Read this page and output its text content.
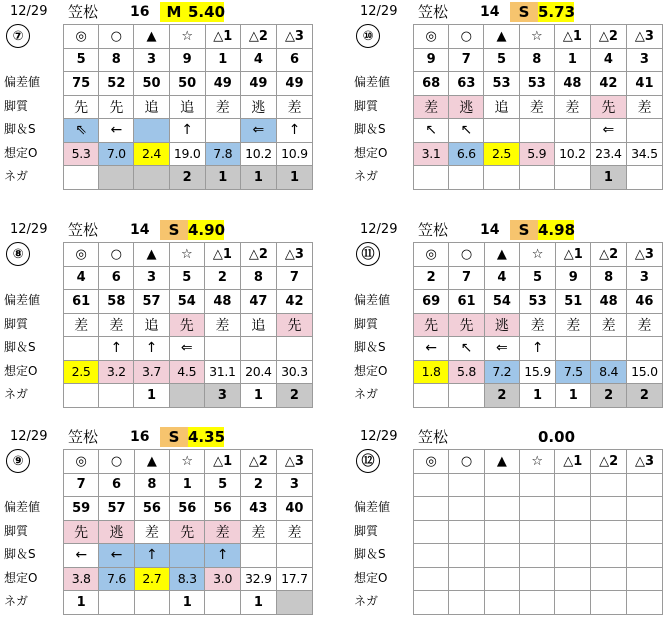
12/29 笠松 16	M 5.40
⑦
偏差値
脚質
脚＆S
想定O
ネガ
◎	○	▲	☆	△1	△2	△3
5	8	3	9	1	4	6
75	52	50	50	49	49	49
先	先	追	追	差	逃	差
⇖	←		↑		⇐	↑
5.3	7.0	2.4	19.0	7.8	10.2	10.9
			2	1	1	1
12/29 笠松 14	S 5.73
⑩
偏差値
脚質
脚＆S
想定O
ネガ
◎	○	▲	☆	△1	△2	△3
9	7	5	8	1	4	3
68	63	53	53	48	42	41
差	逃	追	差	差	先	差
↖	↖				⇐	
3.1	6.6	2.5	5.9	10.2	23.4	34.5
					1	
12/29 笠松 14	S 4.90
⑧
偏差値
脚質
脚＆S
想定O
ネガ
◎	○	▲	☆	△1	△2	△3
4	6	3	5	2	8	7
61	58	57	54	48	47	42
差	差	追	先	差	追	先
	↑	↑	⇐			
2.5	3.2	3.7	4.5	31.1	20.4	30.3
		1		3	1	2
12/29 笠松 14	S 4.98
⑪
偏差値
脚質
脚＆S
想定O
ネガ
◎	○	▲	☆	△1	△2	△3
2	7	4	5	9	8	3
69	61	54	53	51	48	46
先	先	逃	差	差	差	差
←	↖	⇐	↑			
1.8	5.8	7.2	15.9	7.5	8.4	15.0
		2	1	1	2	2
12/29 笠松 16	S 4.35
⑨
偏差値
脚質
脚＆S
想定O
ネガ
◎	○	▲	☆	△1	△2	△3
7	6	8	1	5	2	3
59	57	56	56	56	43	40
先	逃	差	先	差	差	差
←	←	↑		↑		
3.8	7.6	2.7	8.3	3.0	32.9	17.7
1			1		1	
12/29 笠松	0.00
⑫
偏差値
脚質
脚＆S
想定O
ネガ
◎	○	▲	☆	△1	△2	△3
